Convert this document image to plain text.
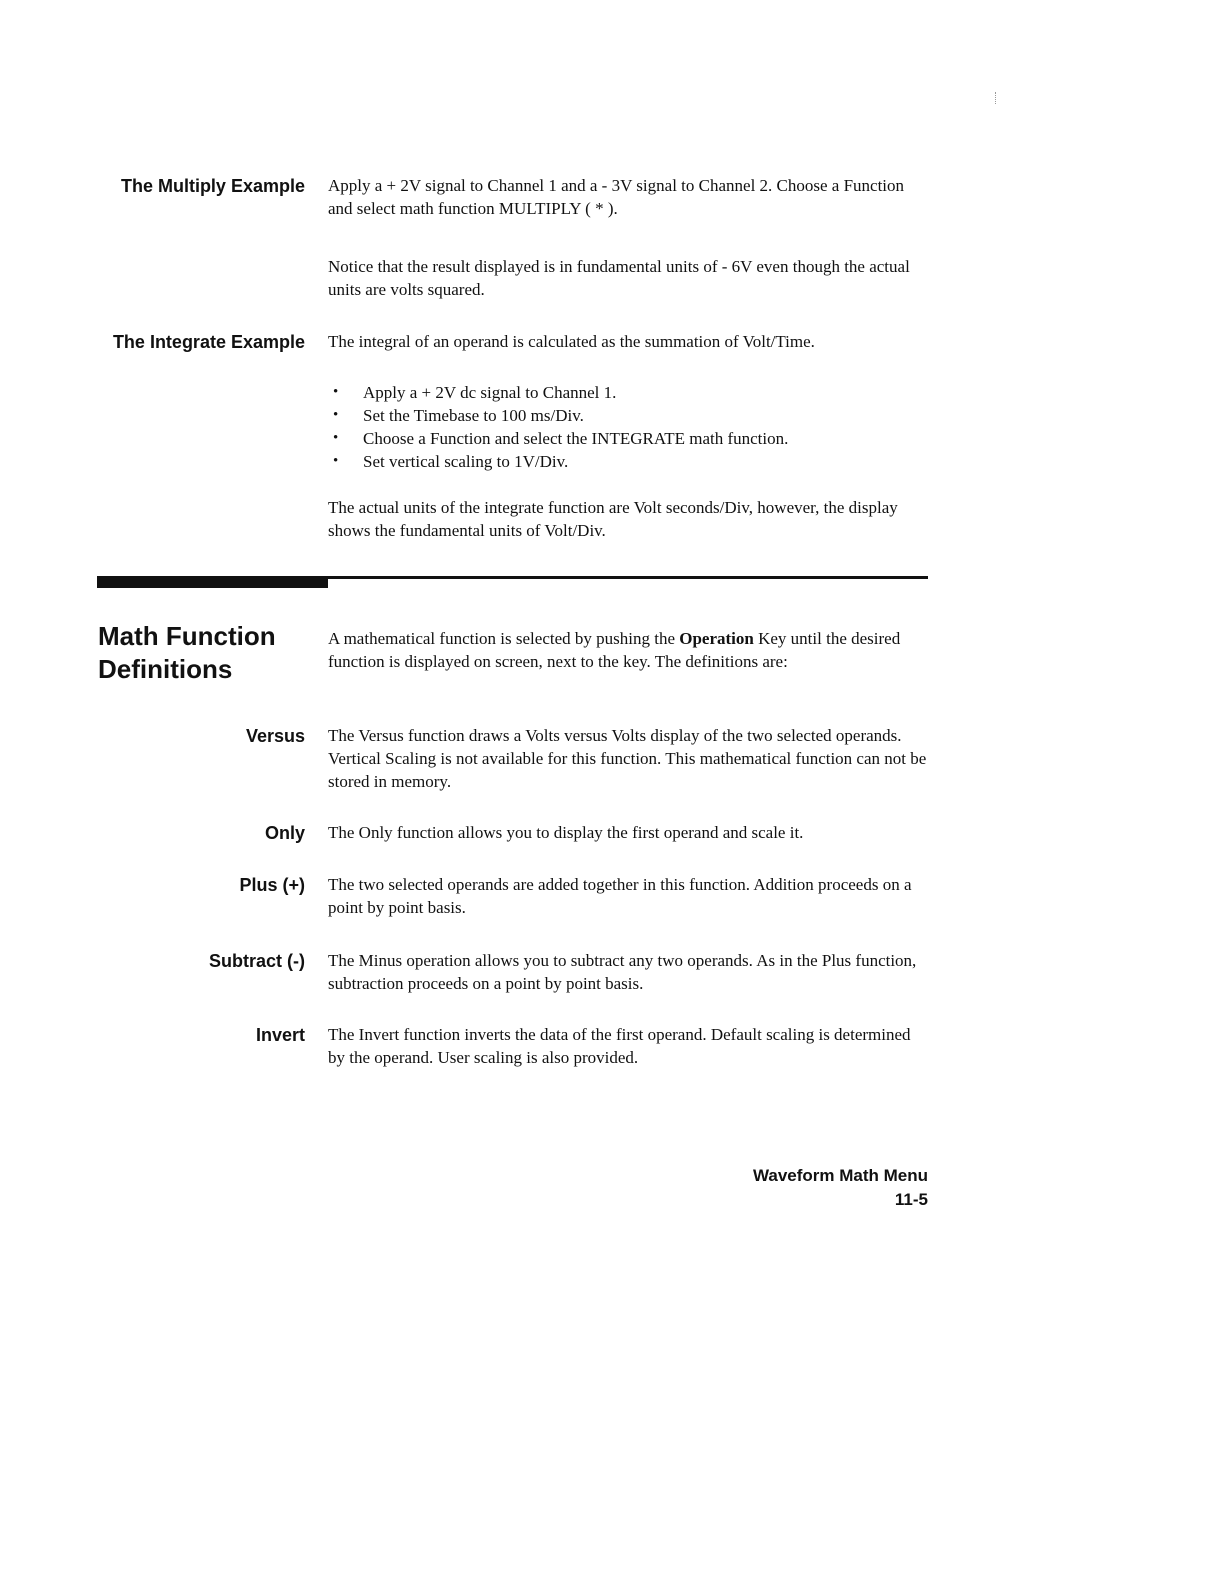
The Multiply Example Apply a + 2V signal to Channel 1 and a - 3V signal to Channel 2. Choose a Function and select math function MULTIPLY ( * ).

Notice that the result displayed is in fundamental units of - 6V even though the actual units are volts squared.

The Integrate Example The integral of an operand is calculated as the summation of Volt/Time.

• Apply a + 2V dc signal to Channel 1.
• Set the Timebase to 100 ms/Div.
• Choose a Function and select the INTEGRATE math function.
• Set vertical scaling to 1V/Div.

The actual units of the integrate function are Volt seconds/Div, however, the display shows the fundamental units of Volt/Div.

Math Function
Definitions

A mathematical function is selected by pushing the Operation Key until the desired function is displayed on screen, next to the key. The definitions are:

Versus The Versus function draws a Volts versus Volts display of the two selected operands. Vertical Scaling is not available for this function. This mathematical function can not be stored in memory.

Only The Only function allows you to display the first operand and scale it.

Plus (+) The two selected operands are added together in this function. Addition proceeds on a point by point basis.

Subtract (-) The Minus operation allows you to subtract any two operands. As in the Plus function, subtraction proceeds on a point by point basis.

Invert The Invert function inverts the data of the first operand. Default scaling is determined by the operand. User scaling is also provided.

Waveform Math Menu
11-5
